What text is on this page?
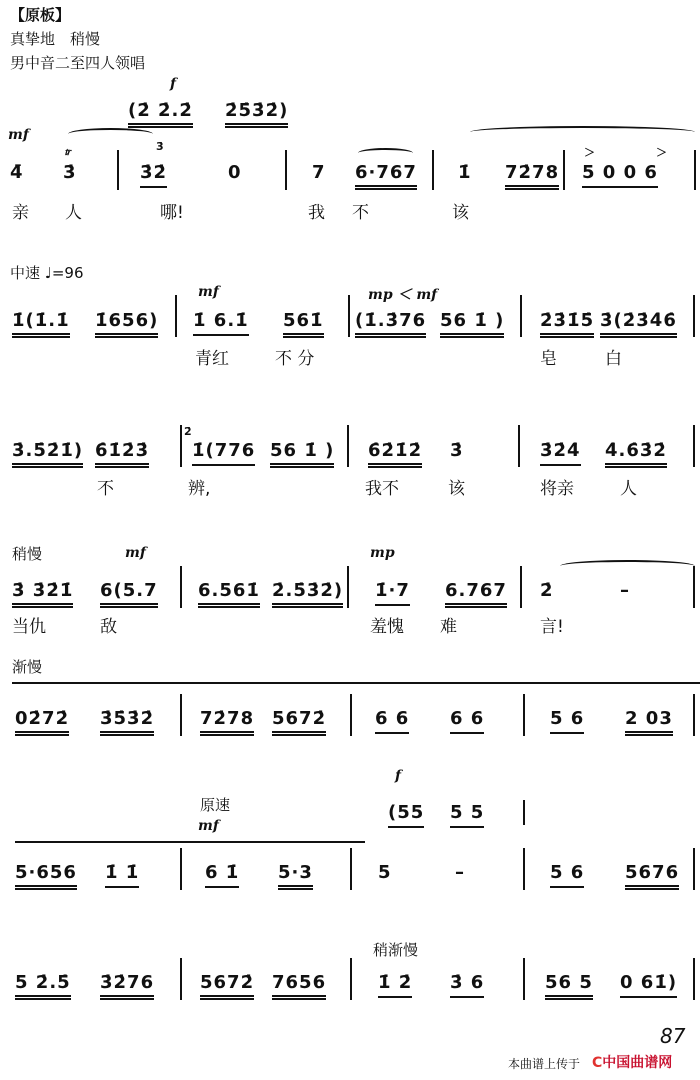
【原板】
真挚地　稍慢
男中音二至四人领唱
f
(2̇ 2̇.2̇ 2̇5̇3̇2̇)
mf
𝆖	3̇	＞	＞
4̄ 3̇	3̇2̇	0	7 6·767 1̇ 72̇78 5 0 0 6
亲 人	哪!	我 不	该
中速 ♩=96
mf	mp ＜ mf
1̇(1̇.1̇ 1̇656) 1̇ 6.1̇ 561̇ (1̇.3̇76 56 1̇ ) 2̇3̇1̇5̇ 3̇(2̇3̇4̇6̇
青红	不 分	皂	白
2̇
3̇.5̇2̇1̇) 6̇1̇2̇3̇ 1̇(776 56 1̇ ) 6̇2̇1̇2̇ 3̇	3̇2̇4̇ 4̇.6̇3̇2̇
不	辨,	我不	该	将亲	人
稍慢	mf	mp
3̇ 3̇2̇1̇ 6(5.7 6.561̇ 2̇.5̇3̇2̇) 1̇·7 6.767 2̇	–
当仇	敌	羞愧 难	言!
渐慢
02̇72̇ 3̇5̇3̇2̇	72̇78 5672̇	6 6 6 6	5 6 2 03
f
原速
mf
(55 5 5
5·656 1̇ 1̇	6 1̇ 5·3	5	–	5 6 5676
稍渐慢
5 2̇.5̇ 3̇2̇76	5672̇ 7656	1̇ 2̇ 3̇ 6	56 5 0 61̇)
87
本曲谱上传于 C中国曲谱网
